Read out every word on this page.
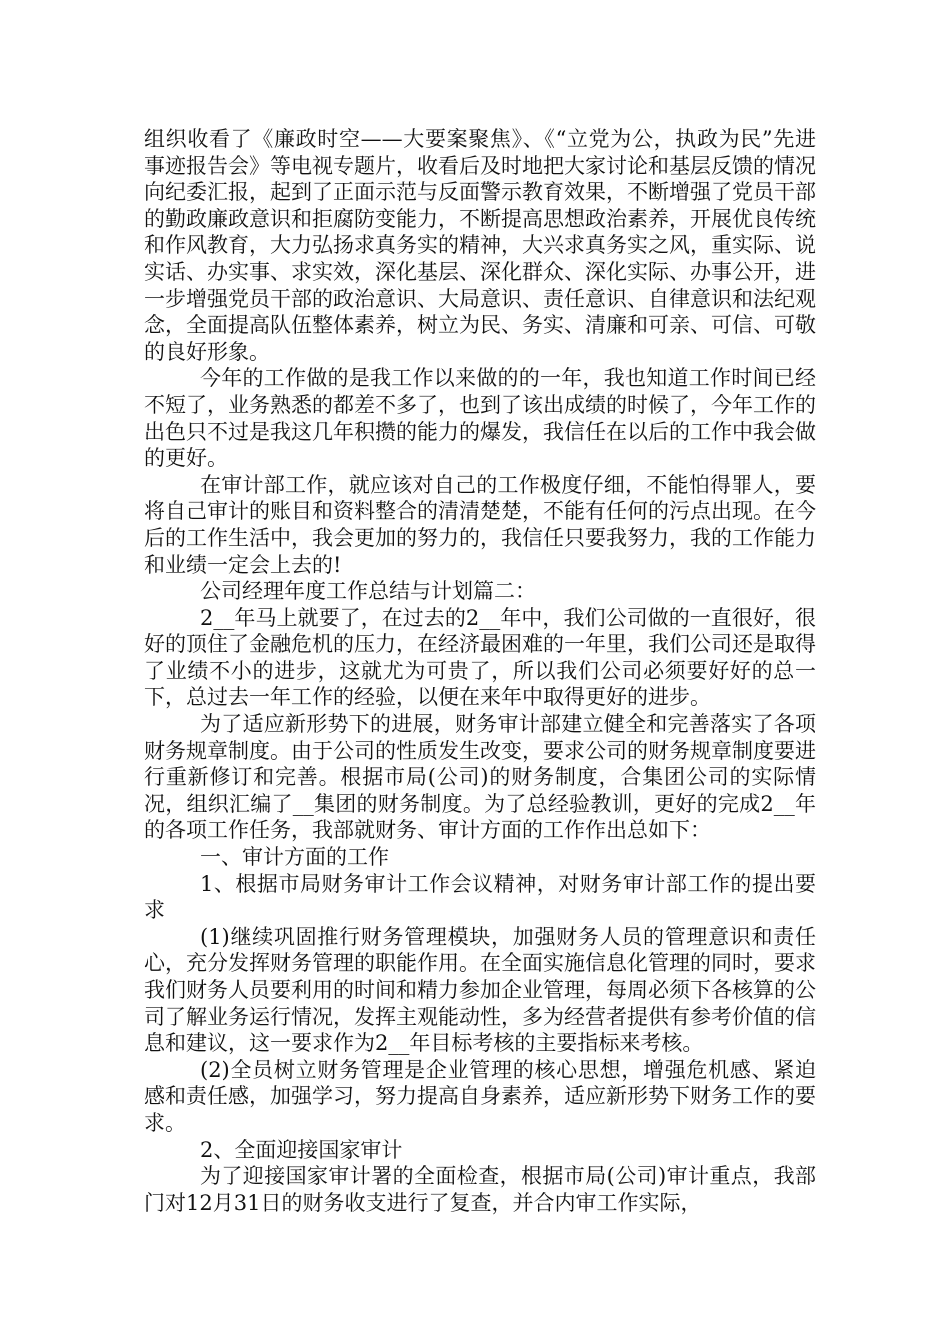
组织收看了《廉政时空——大要案聚焦》、《“立党为公，执政为民”先进事迹报告会》等电视专题片，收看后及时地把大家讨论和基层反馈的情况向纪委汇报，起到了正面示范与反面警示教育效果，不断增强了党员干部的勤政廉政意识和拒腐防变能力，不断提高思想政治素养，开展优良传统和作风教育，大力弘扬求真务实的精神，大兴求真务实之风，重实际、说实话、办实事、求实效，深化基层、深化群众、深化实际、办事公开，进一步增强党员干部的政治意识、大局意识、责任意识、自律意识和法纪观念，全面提高队伍整体素养，树立为民、务实、清廉和可亲、可信、可敬的良好形象。

今年的工作做的是我工作以来做的的一年，我也知道工作时间已经不短了，业务熟悉的都差不多了，也到了该出成绩的时候了，今年工作的出色只不过是我这几年积攒的能力的爆发，我信任在以后的工作中我会做的更好。

在审计部工作，就应该对自己的工作极度仔细，不能怕得罪人，要将自己审计的账目和资料整合的清清楚楚，不能有任何的污点出现。在今后的工作生活中，我会更加的努力的，我信任只要我努力，我的工作能力和业绩一定会上去的!

公司经理年度工作总结与计划篇二：

2__年马上就要了，在过去的2__年中，我们公司做的一直很好，很好的顶住了金融危机的压力，在经济最困难的一年里，我们公司还是取得了业绩不小的进步，这就尤为可贵了，所以我们公司必须要好好的总一下，总过去一年工作的经验，以便在来年中取得更好的进步。

为了适应新形势下的进展，财务审计部建立健全和完善落实了各项财务规章制度。由于公司的性质发生改变，要求公司的财务规章制度要进行重新修订和完善。根据市局(公司)的财务制度，合集团公司的实际情况，组织汇编了__集团的财务制度。为了总经验教训，更好的完成2__年的各项工作任务，我部就财务、审计方面的工作作出总如下：

一、审计方面的工作

1、根据市局财务审计工作会议精神，对财务审计部工作的提出要求

(1)继续巩固推行财务管理模块，加强财务人员的管理意识和责任心，充分发挥财务管理的职能作用。在全面实施信息化管理的同时，要求我们财务人员要利用的时间和精力参加企业管理，每周必须下各核算的公司了解业务运行情况，发挥主观能动性，多为经营者提供有参考价值的信息和建议，这一要求作为2__年目标考核的主要指标来考核。

(2)全员树立财务管理是企业管理的核心思想，增强危机感、紧迫感和责任感，加强学习，努力提高自身素养，适应新形势下财务工作的要求。

2、全面迎接国家审计

为了迎接国家审计署的全面检查，根据市局(公司)审计重点，我部门对12月31日的财务收支进行了复查，并合内审工作实际，
